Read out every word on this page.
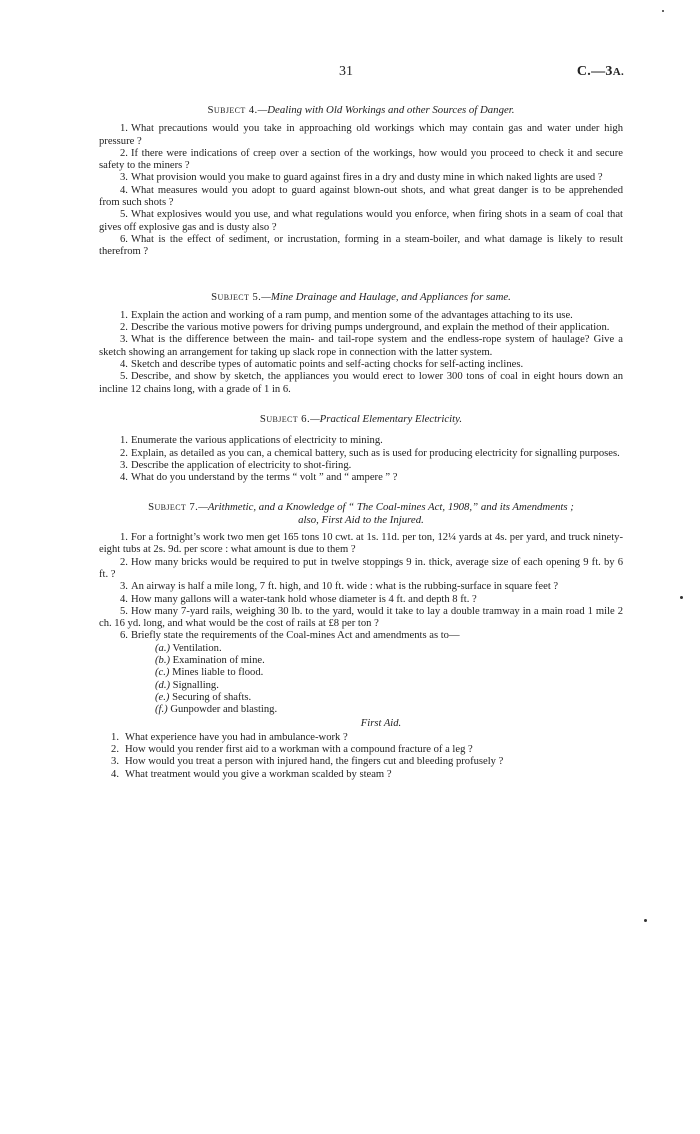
31	C.—3A.
Subject 4.—Dealing with Old Workings and other Sources of Danger.

1. What precautions would you take in approaching old workings which may contain gas and water under high pressure ?

2. If there were indications of creep over a section of the workings, how would you proceed to check it and secure safety to the miners ?

3. What provision would you make to guard against fires in a dry and dusty mine in which naked lights are used ?

4. What measures would you adopt to guard against blown-out shots, and what great danger is to be apprehended from such shots ?

5. What explosives would you use, and what regulations would you enforce, when firing shots in a seam of coal that gives off explosive gas and is dusty also ?

6. What is the effect of sediment, or incrustation, forming in a steam-boiler, and what damage is likely to result therefrom ?

Subject 5.—Mine Drainage and Haulage, and Appliances for same.

1. Explain the action and working of a ram pump, and mention some of the advantages attaching to its use.

2. Describe the various motive powers for driving pumps underground, and explain the method of their application.

3. What is the difference between the main- and tail-rope system and the endless-rope system of haulage? Give a sketch showing an arrangement for taking up slack rope in connection with the latter system.

4. Sketch and describe types of automatic points and self-acting chocks for self-acting inclines.

5. Describe, and show by sketch, the appliances you would erect to lower 300 tons of coal in eight hours down an incline 12 chains long, with a grade of 1 in 6.

Subject 6.—Practical Elementary Electricity.

1. Enumerate the various applications of electricity to mining.

2. Explain, as detailed as you can, a chemical battery, such as is used for producing electricity for signalling purposes.

3. Describe the application of electricity to shot-firing.

4. What do you understand by the terms “ volt ” and “ ampere ” ?

Subject 7.—Arithmetic, and a Knowledge of “ The Coal-mines Act, 1908,” and its Amendments ;
also, First Aid to the Injured.

1. For a fortnight’s work two men get 165 tons 10 cwt. at 1s. 11d. per ton, 12¼ yards at 4s. per yard, and truck ninety-eight tubs at 2s. 9d. per score : what amount is due to them ?

2. How many bricks would be required to put in twelve stoppings 9 in. thick, average size of each opening 9 ft. by 6 ft. ?

3. An airway is half a mile long, 7 ft. high, and 10 ft. wide : what is the rubbing-surface in square feet ?

4. How many gallons will a water-tank hold whose diameter is 4 ft. and depth 8 ft. ?

5. How many 7-yard rails, weighing 30 lb. to the yard, would it take to lay a double tramway in a main road 1 mile 2 ch. 16 yd. long, and what would be the cost of rails at £8 per ton ?

6. Briefly state the requirements of the Coal-mines Act and amendments as to—

(a.) Ventilation.
(b.) Examination of mine.
(c.) Mines liable to flood.
(d.) Signalling.
(e.) Securing of shafts.
(f.) Gunpowder and blasting.
First Aid.

1. What experience have you had in ambulance-work ?

2. How would you render first aid to a workman with a compound fracture of a leg ?

3. How would you treat a person with injured hand, the fingers cut and bleeding profusely ?

4. What treatment would you give a workman scalded by steam ?
